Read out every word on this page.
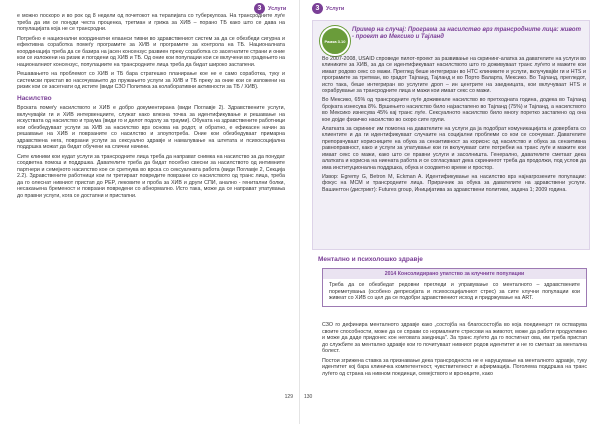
3	Услуги

е можно поскоро и во рок од 8 недели од почетокот на терапијата со туберкулоза. На трансродните луѓе треба да им се понуди честа проценка, третман и грижа за ХИВ – порано ТБ како што се дава на популацијата која не се трансродни.

Потребно е национални координатни елаанси тивни во здравствениот систем за да се обезбеди сигурна и ефективна соработка помеѓу програмите за ХИВ и програмите за контрола на ТБ. Националната координација треба да се базира на јасен консензус развиен преку соработка со засегнатите страни и оние кои се изложени на ризик и погодени од ХИВ и ТБ. Од оние кои популации кои се вклучени во градењето на националниот консензус, популациите на трансродните лица треба да бидат широко застапени.

Решавањето на проблемот со ХИВ и ТБ бара стратешко планирање кое не е само соработка, туку и системски пристап во насочувањето до пружањето услуги за ХИВ и ТБ преку за оние кои се изложени на ризик кои се засегнати од истите (види СЗО Политика за колаборативни активности за ТБ / ХИВ).

Насилство

Врската помеѓу насилството и ХИВ е добро документирана (види Поглавје 2). Здравствените услуги, вклучувајќи ги и ХИВ интервенциите, служат како влезна точка за идентификување и решавање на искуствата од насилство и траума (види го и делот подолу за трауми). Обуката на здравствените работници кои обезбедуваат услуги за ХИВ за насилство врз основа на родот, и обратно, е ефикасен начин за решавање на ХИВ и поврзаните со насилство и злоупотреба. Оние кои обезбедуваат примарна здравствена нега, поврзани услуги за сексуално здравје и намалување на штетата и психосоцијална поддршка можат да бидат обучени на слични начини.

Сите клиники кои нудат услуги за трансродните лица треба да направат снимка на насилство за да понудат соодветна помош и поддршка. Давателите треба да бидат посебно свесни за насилството од интимните партнери и семејното насилство кое се сретнува во врска со сексуалната работа (види Поглавје 2, Секција 2.2). Здравствените работници кои ги третираат повредите поврзани со насилството од транс лица, треба да го олеснат нивниот пристап до PEP, лековите и проба за ХИВ и други СПИ, аналнo - генитални болки, несакањена бременост и поврзани повредени со абнормално. Исто така, може да се направат упатувања до правни услуги, кога се достапни и пристапни.

129
3	Услуги
Рамка 3.10
Пример на случај: Програма за насилство врз трансродните лица: живот - проект во Мексико и Тајланд

Во 2007-2008, USAID спроведе пилот-проект за развивање на скрининг-алатка за давателите на услуги во клиниките за ХИВ, за да се идентификуваат насилството што го доживуваат транс луѓето и мажите кои имаат родово секс со мажи. Преглед беше интегриран во НТС клиниките и услуги, вклучувајќи ги и НТЅ и програмите за третман, во градот Тајланд, Тајланд и во Порто Валарта, Мексико. Во Тајланд, прегледот, исто така, беше интегриран во услугите дроп – ин центрите на заедницата, кои вклучуваат НТЅ и охрабрување за трансродните лица и мажи кои имаат секс со мажи.

Во Мексико, 65% од трансродните луѓе доживеале насилство во претходната година, додека во Тајланд бројката изнесува 8%. Вршењето насилство било најзастапено во Тајланд (75%) и Тајланд, а насилството во Мексико изнесува 45% кај транс луѓе. Сексуалното насилство било многу поретко застапено од она кое дојде физичко насилство во скоро сите групи.

Алатката за скрининг им помогна на давателите на услуги да ја подобрат комуникацијата и довербата со клиентите и да ги идентификуваат случаите на социјални проблеми со кои се соочуваат. Давателите препорачуваат корисниците на обука за сензитивност за кориснс од насилство и обука за сензитивна равноправност, како и услуги за упатување кои ги вклучуваат сите потребни на транс луѓе и мажите кои имаат секс со мажи, како што се правни услуги и засолништа. Генерално, давателите сметаат дека алатката и корисна на ниената работа и се согласуваат дека скринингот треба да продолжи, под услов да има институционална поддршка, обука и соодветно време и простор.

Извор: Egremy G, Betron M, Eckman A. Идентификување на насилство врз најнагрозените популации: фокус на МСМ и трансродните лица. Прирачник за обука за давателите на здравствени услуги. Вашингтон (дистрикт): Futures group, Иницијатива за здравствени политики, задача 1; 2009 година.

Ментално и психолошко здравје
2014 Консолидирано упатство за клучните популации
Треба да се обезбедат редовни прегледи и управување со менталното – здравствените пореметувања (особено депресијата и психосоцијалниот стрес) за сите клучни популации кои живеат со ХИВ со цел да се подобри здравствениот исход и придржување на ART.

СЗО го дефинира менталното здравје како „состојба на благосостојба во која поединецот ги остварува своите способности, може да се справи со нормалните стресови на животот, може да работи продуктивно и може да даде придонес кон неговата заедница". За транс луѓето да го постигнат ова, им треба пристап до службите за ментално здравје кои го почитуваат нивниот родов идентитет и не го сметаат за ментална болест.

Постои згрижена ставка за признавање дека трансродноста не е нарушување на менталното здравје, туку идентитет кој бара клиничка компетентност, чувствителност и афирмација. Поголема поддршка на транс луѓето од страна на нивном поединци, семејството и врсниците, како

130
